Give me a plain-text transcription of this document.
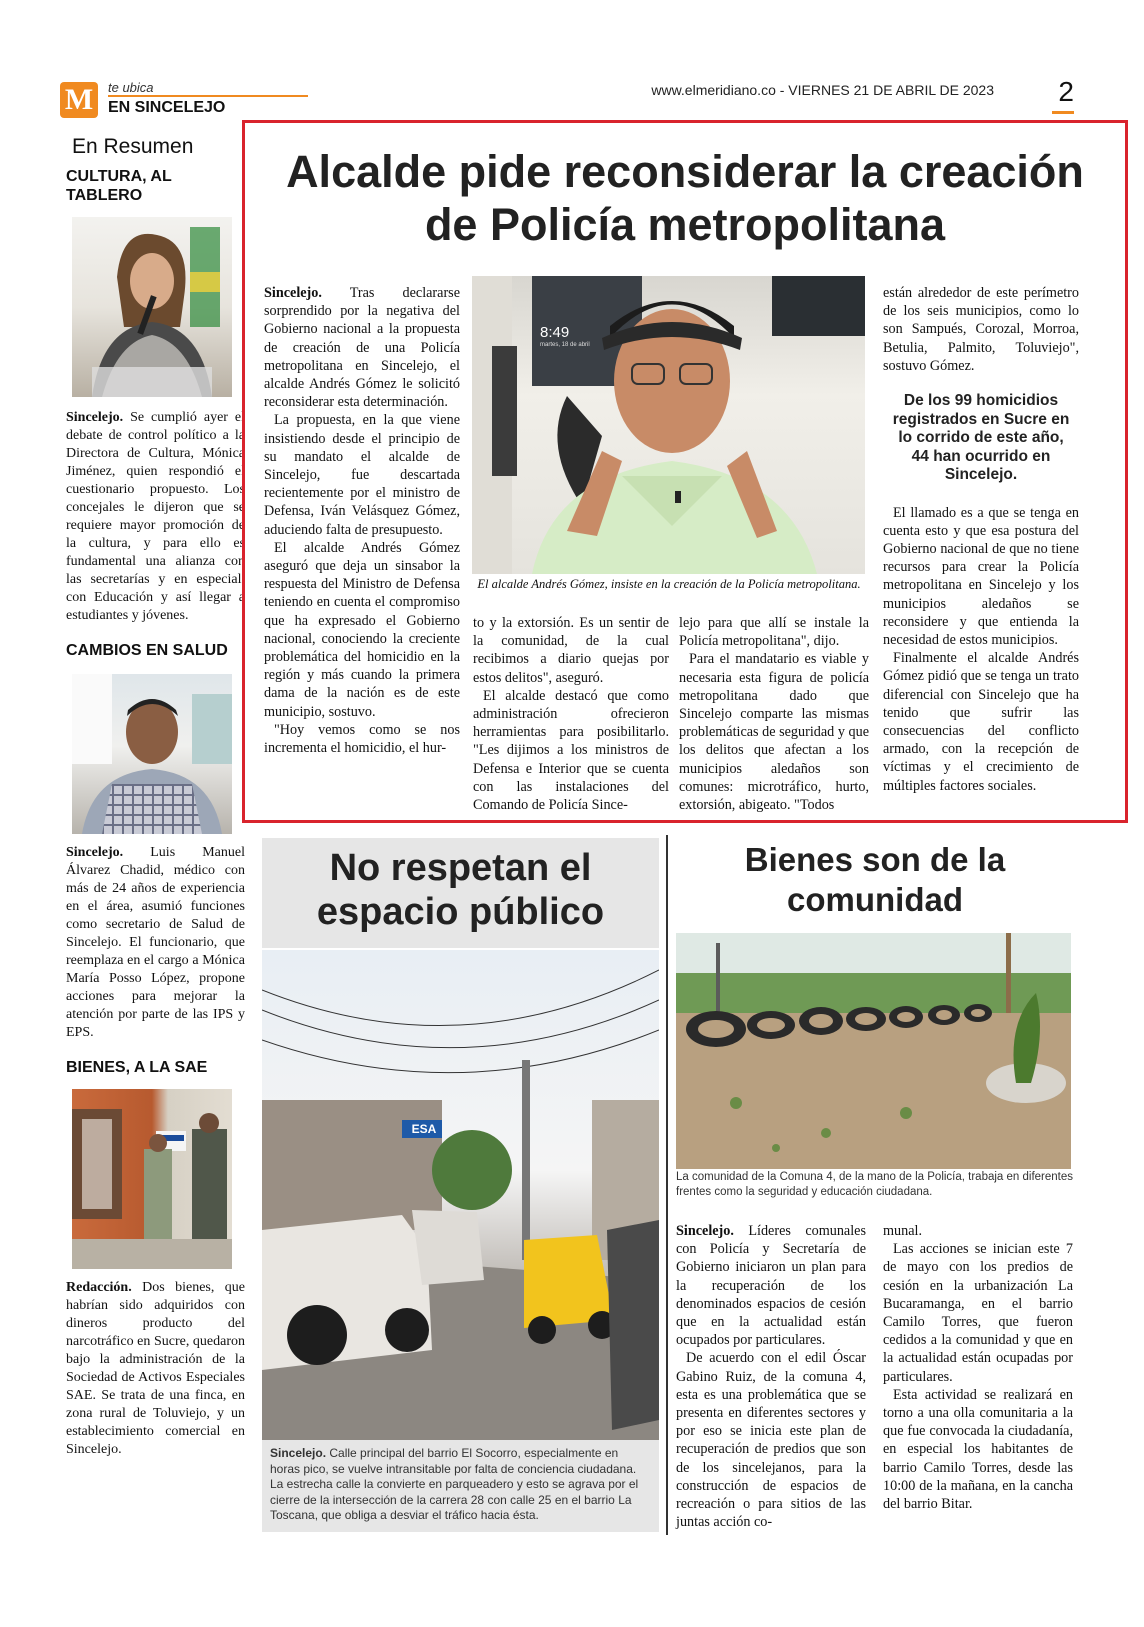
M	te ubica
EN SINCELEJO
www.elmeridiano.co - VIERNES 21 DE ABRIL DE 2023 2
En Resumen
CULTURA, AL TABLERO
Sincelejo. Se cumplió ayer el debate de control político a la Directora de Cultura, Mónica Jiménez, quien respondió el cuestionario propuesto. Los concejales le dijeron que se requiere mayor promoción de la cultura, y para ello es fundamental una alianza con las secretarías y en especial, con Educación y así llegar a estudiantes y jóvenes.
CAMBIOS EN SALUD
Sincelejo. Luis Manuel Álvarez Chadid, médico con más de 24 años de experiencia en el área, asumió funciones como secretario de Salud de Sincelejo. El funcionario, que reemplaza en el cargo a Mónica María Posso López, propone acciones para mejorar la atención por parte de las IPS y EPS.
BIENES, A LA SAE
Redacción. Dos bienes, que habrían sido adquiridos con dineros producto del narcotráfico en Sucre, quedaron bajo la administración de la Sociedad de Activos Especiales SAE. Se trata de una finca, en zona rural de Toluviejo, y un establecimiento comercial en Sincelejo.
Alcalde pide reconsiderar la creación de Policía metropolitana

Sincelejo. Tras declararse sorprendido por la negativa del Gobierno nacional a la propuesta de creación de una Policía metropolitana en Sincelejo, el alcalde Andrés Gómez le solicitó reconsiderar esta determinación.

La propuesta, en la que viene insistiendo desde el principio de su mandato el alcalde de Sincelejo, fue descartada recientemente por el ministro de Defensa, Iván Velásquez Gómez, aduciendo falta de presupuesto.

El alcalde Andrés Gómez aseguró que deja un sinsabor la respuesta del Ministro de Defensa teniendo en cuenta el compromiso que ha expresado el Gobierno nacional, conociendo la creciente problemática del homicidio en la región y más cuando la primera dama de la nación es de este municipio, sostuvo.

"Hoy vemos como se nos incrementa el homicidio, el hur-

8:49
martes, 18 de abril
El alcalde Andrés Gómez, insiste en la creación de la Policía metropolitana.

to y la extorsión. Es un sentir de la comunidad, de la cual recibimos a diario quejas por estos delitos", aseguró.

El alcalde destacó que como administración ofrecieron herramientas para posibilitarlo. "Les dijimos a los ministros de Defensa e Interior que se cuenta con las instalaciones del Comando de Policía Since-

lejo para que allí se instale la Policía metropolitana", dijo.

Para el mandatario es viable y necesaria esta figura de policía metropolitana dado que Sincelejo comparte las mismas problemáticas de seguridad y que los delitos que afectan a los municipios aledaños son comunes: microtráfico, hurto, extorsión, abigeato. "Todos

están alrededor de este perímetro de los seis municipios, como lo son Sampués, Corozal, Morroa, Betulia, Palmito, Toluviejo", sostuvo Gómez.

De los 99 homicidios registrados en Sucre en lo corrido de este año, 44 han ocurrido en Sincelejo.

El llamado es a que se tenga en cuenta esto y que esa postura del Gobierno nacional de que no tiene recursos para crear la Policía metropolitana en Sincelejo y los municipios aledaños se reconsidere y que entienda la necesidad de estos municipios.

Finalmente el alcalde Andrés Gómez pidió que se tenga un trato diferencial con Sincelejo que ha tenido que sufrir las consecuencias del conflicto armado, con la recepción de víctimas y el crecimiento de múltiples factores sociales.

No respetan el espacio público
ESA
Sincelejo. Calle principal del barrio El Socorro, especialmente en horas pico, se vuelve intransitable por falta de conciencia ciudadana. La estrecha calle la convierte en parqueadero y esto se agrava por el cierre de la intersección de la carrera 28 con calle 25 en el barrio La Toscana, que obliga a desviar el tráfico hacia ésta.
Bienes son de la comunidad
La comunidad de la Comuna 4, de la mano de la Policía, trabaja en diferentes frentes como la seguridad y educación ciudadana.

Sincelejo. Líderes comunales con Policía y Secretaría de Gobierno iniciaron un plan para la recuperación de los denominados espacios de cesión que en la actualidad están ocupados por particulares.

De acuerdo con el edil Óscar Gabino Ruiz, de la comuna 4, esta es una problemática que se presenta en diferentes sectores y por eso se inicia este plan de recuperación de predios que son de los sincelejanos, para la construcción de espacios de recreación o para sitios de las juntas acción co-

munal.

Las acciones se inician este 7 de mayo con los predios de cesión en la urbanización La Bucaramanga, en el barrio Camilo Torres, que fueron cedidos a la comunidad y que en la actualidad están ocupadas por particulares.

Esta actividad se realizará en torno a una olla comunitaria a la que fue convocada la ciudadanía, en especial los habitantes de barrio Camilo Torres, desde las 10:00 de la mañana, en la cancha del barrio Bitar.
